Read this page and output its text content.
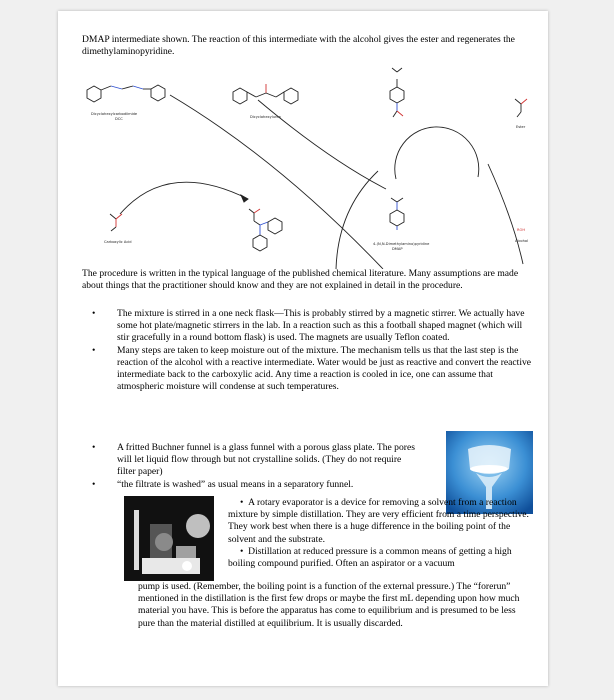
DMAP intermediate shown. The reaction of this intermediate with the alcohol gives the ester and regenerates the dimethylaminopyridine.
Dicyclohexylcarbodiimide
DCC	Dicyclohexylurea
Ester
Carboxylic Acid	4-(N,N-Dimethylamino)pyridine
DMAP
ROH
Alcohol
The procedure is written in the typical language of the published chemical literature. Many assumptions are made about things that the practitioner should know and they are not explained in detail in the procedure.
• The mixture is stirred in a one neck flask—This is probably stirred by a magnetic stirrer. We actually have some hot plate/magnetic stirrers in the lab. In a reaction such as this a football shaped magnet (which will stir gracefully in a round bottom flask) is used. The magnets are usually Teflon coated.
• Many steps are taken to keep moisture out of the mixture. The mechanism tells us that the last step is the reaction of the alcohol with a reactive intermediate. Water would be just as reactive and convert the reactive intermediate back to the carboxylic acid. Any time a reaction is cooled in ice, one can assume that atmospheric moisture will condense at such temperatures.
• A fritted Buchner funnel is a glass funnel with a porous glass plate. The pores will let liquid flow through but not crystalline solids. (They do not require filter paper)
• “the filtrate is washed” as usual means in a separatory funnel.
• A rotary evaporator is a device for removing a solvent from a reaction mixture by simple distillation. They are very efficient from a time perspective. They work best when there is a huge difference in the boiling point of the solvent and the substrate.
• Distillation at reduced pressure is a common means of getting a high boiling compound purified. Often an aspirator or a vacuum
pump is used. (Remember, the boiling point is a function of the external pressure.) The “forerun” mentioned in the distillation is the first few drops or maybe the first mL depending upon how much material you have. This is before the apparatus has come to equilibrium and is presumed to be less pure than the material distilled at equilibrium. It is usually discarded.
